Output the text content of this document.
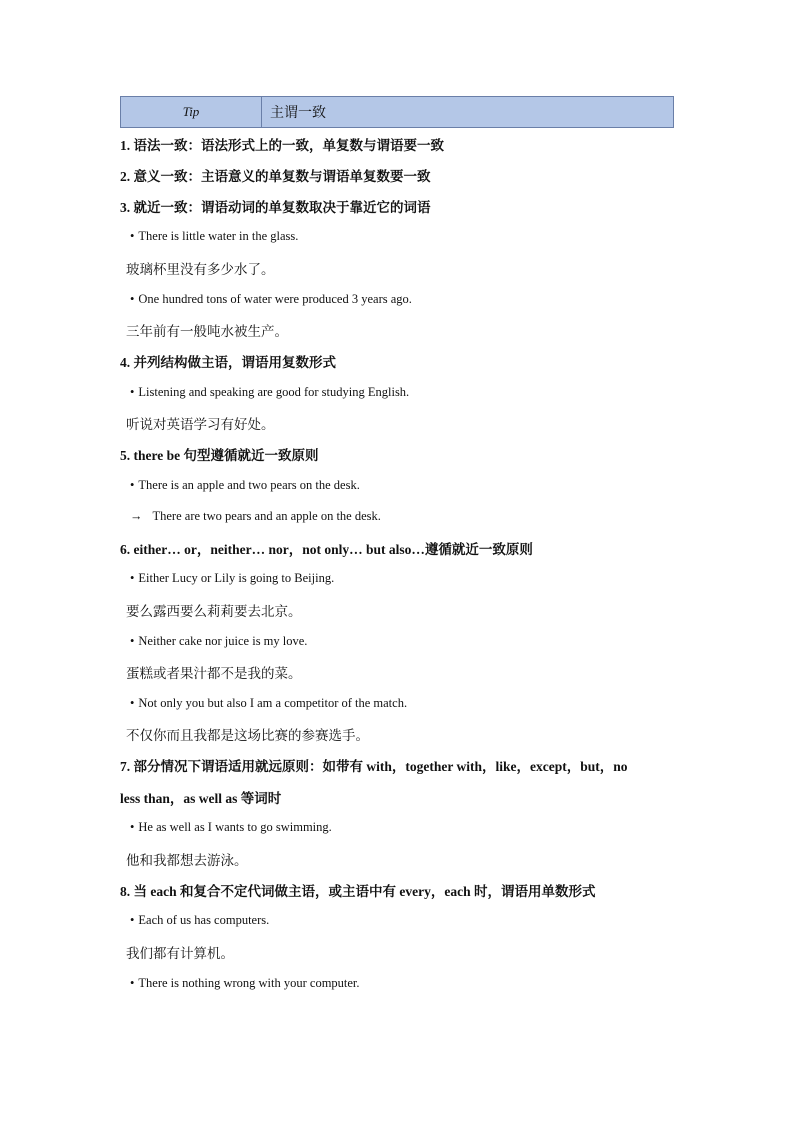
Tip	主谓一致
1. 语法一致：语法形式上的一致，单复数与谓语要一致
2. 意义一致：主语意义的单复数与谓语单复数要一致
3. 就近一致：谓语动词的单复数取决于靠近它的词语
• There is little water in the glass.
玻璃杯里没有多少水了。
• One hundred tons of water were produced 3 years ago.
三年前有一般吨水被生产。
4. 并列结构做主语，谓语用复数形式
• Listening and speaking are good for studying English.
听说对英语学习有好处。
5. there be 句型遵循就近一致原则
• There is an apple and two pears on the desk.
→ There are two pears and an apple on the desk.
6. either… or，neither… nor，not only… but also…遵循就近一致原则
• Either Lucy or Lily is going to Beijing.
要么露西要么莉莉要去北京。
• Neither cake nor juice is my love.
蛋糕或者果汁都不是我的菜。
• Not only you but also I am a competitor of the match.
不仅你而且我都是这场比赛的参赛选手。
7. 部分情况下谓语适用就远原则：如带有 with，together with，like，except，but，no
less than，as well as 等词时
• He as well as I wants to go swimming.
他和我都想去游泳。
8. 当 each 和复合不定代词做主语，或主语中有 every，each 时，谓语用单数形式
• Each of us has computers.
我们都有计算机。
• There is nothing wrong with your computer.
